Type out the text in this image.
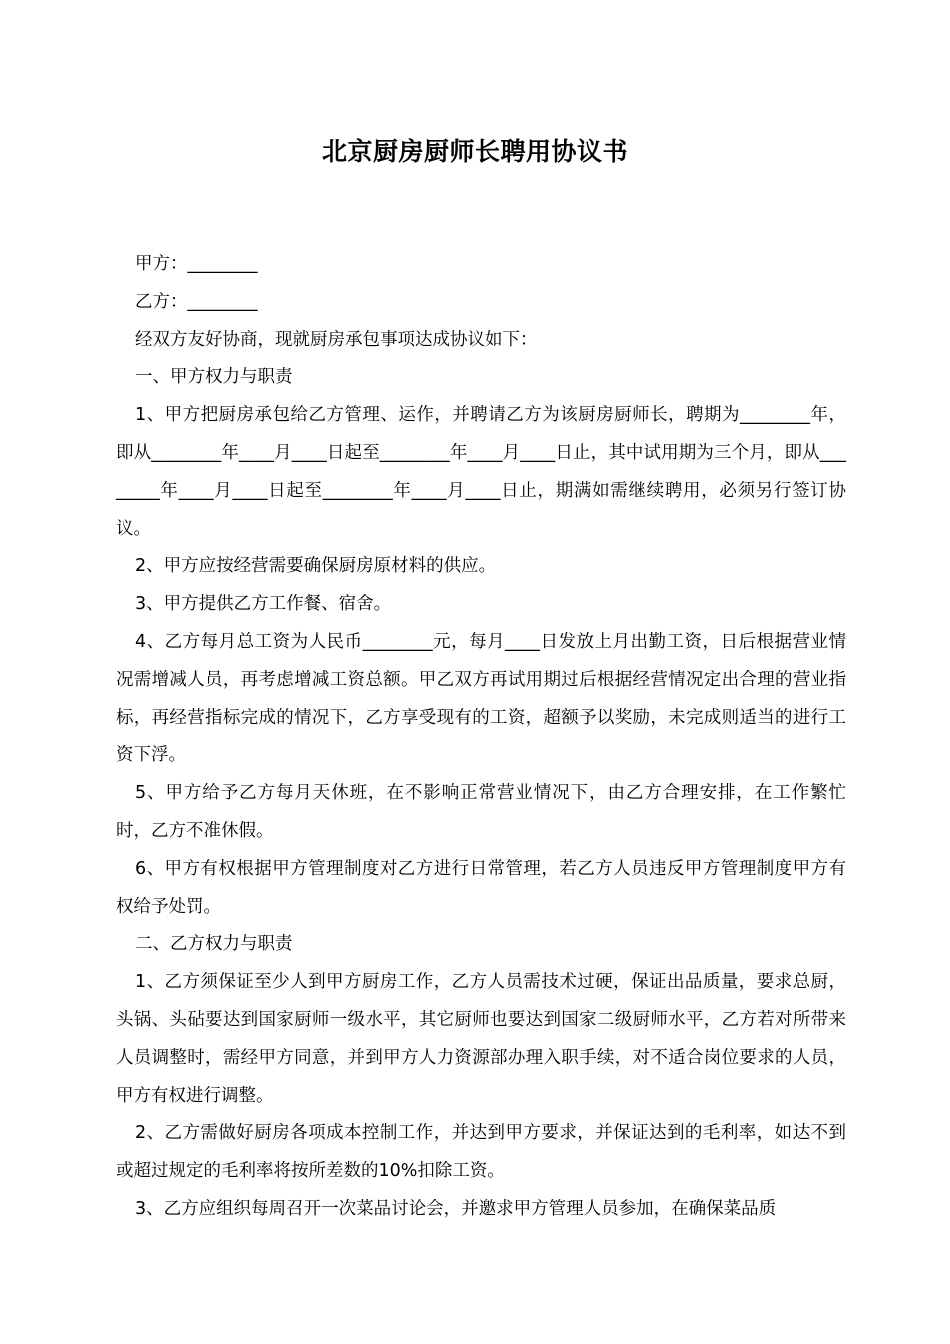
北京厨房厨师长聘用协议书

甲方：________

乙方：________

经双方友好协商，现就厨房承包事项达成协议如下：

一、甲方权力与职责

1、甲方把厨房承包给乙方管理、运作，并聘请乙方为该厨房厨师长，聘期为________年，即从________年____月____日起至________年____月____日止，其中试用期为三个月，即从________年____月____日起至________年____月____日止，期满如需继续聘用，必须另行签订协议。

2、甲方应按经营需要确保厨房原材料的供应。

3、甲方提供乙方工作餐、宿舍。

4、乙方每月总工资为人民币________元，每月____日发放上月出勤工资，日后根据营业情况需增减人员，再考虑增减工资总额。甲乙双方再试用期过后根据经营情况定出合理的营业指标，再经营指标完成的情况下，乙方享受现有的工资，超额予以奖励，未完成则适当的进行工资下浮。

5、甲方给予乙方每月天休班，在不影响正常营业情况下，由乙方合理安排，在工作繁忙时，乙方不准休假。

6、甲方有权根据甲方管理制度对乙方进行日常管理，若乙方人员违反甲方管理制度甲方有权给予处罚。

二、乙方权力与职责

1、乙方须保证至少人到甲方厨房工作，乙方人员需技术过硬，保证出品质量，要求总厨，头锅、头砧要达到国家厨师一级水平，其它厨师也要达到国家二级厨师水平，乙方若对所带来人员调整时，需经甲方同意，并到甲方人力资源部办理入职手续，对不适合岗位要求的人员，甲方有权进行调整。

2、乙方需做好厨房各项成本控制工作，并达到甲方要求，并保证达到的毛利率，如达不到或超过规定的毛利率将按所差数的10%扣除工资。

3、乙方应组织每周召开一次菜品讨论会，并邀求甲方管理人员参加，在确保菜品质
